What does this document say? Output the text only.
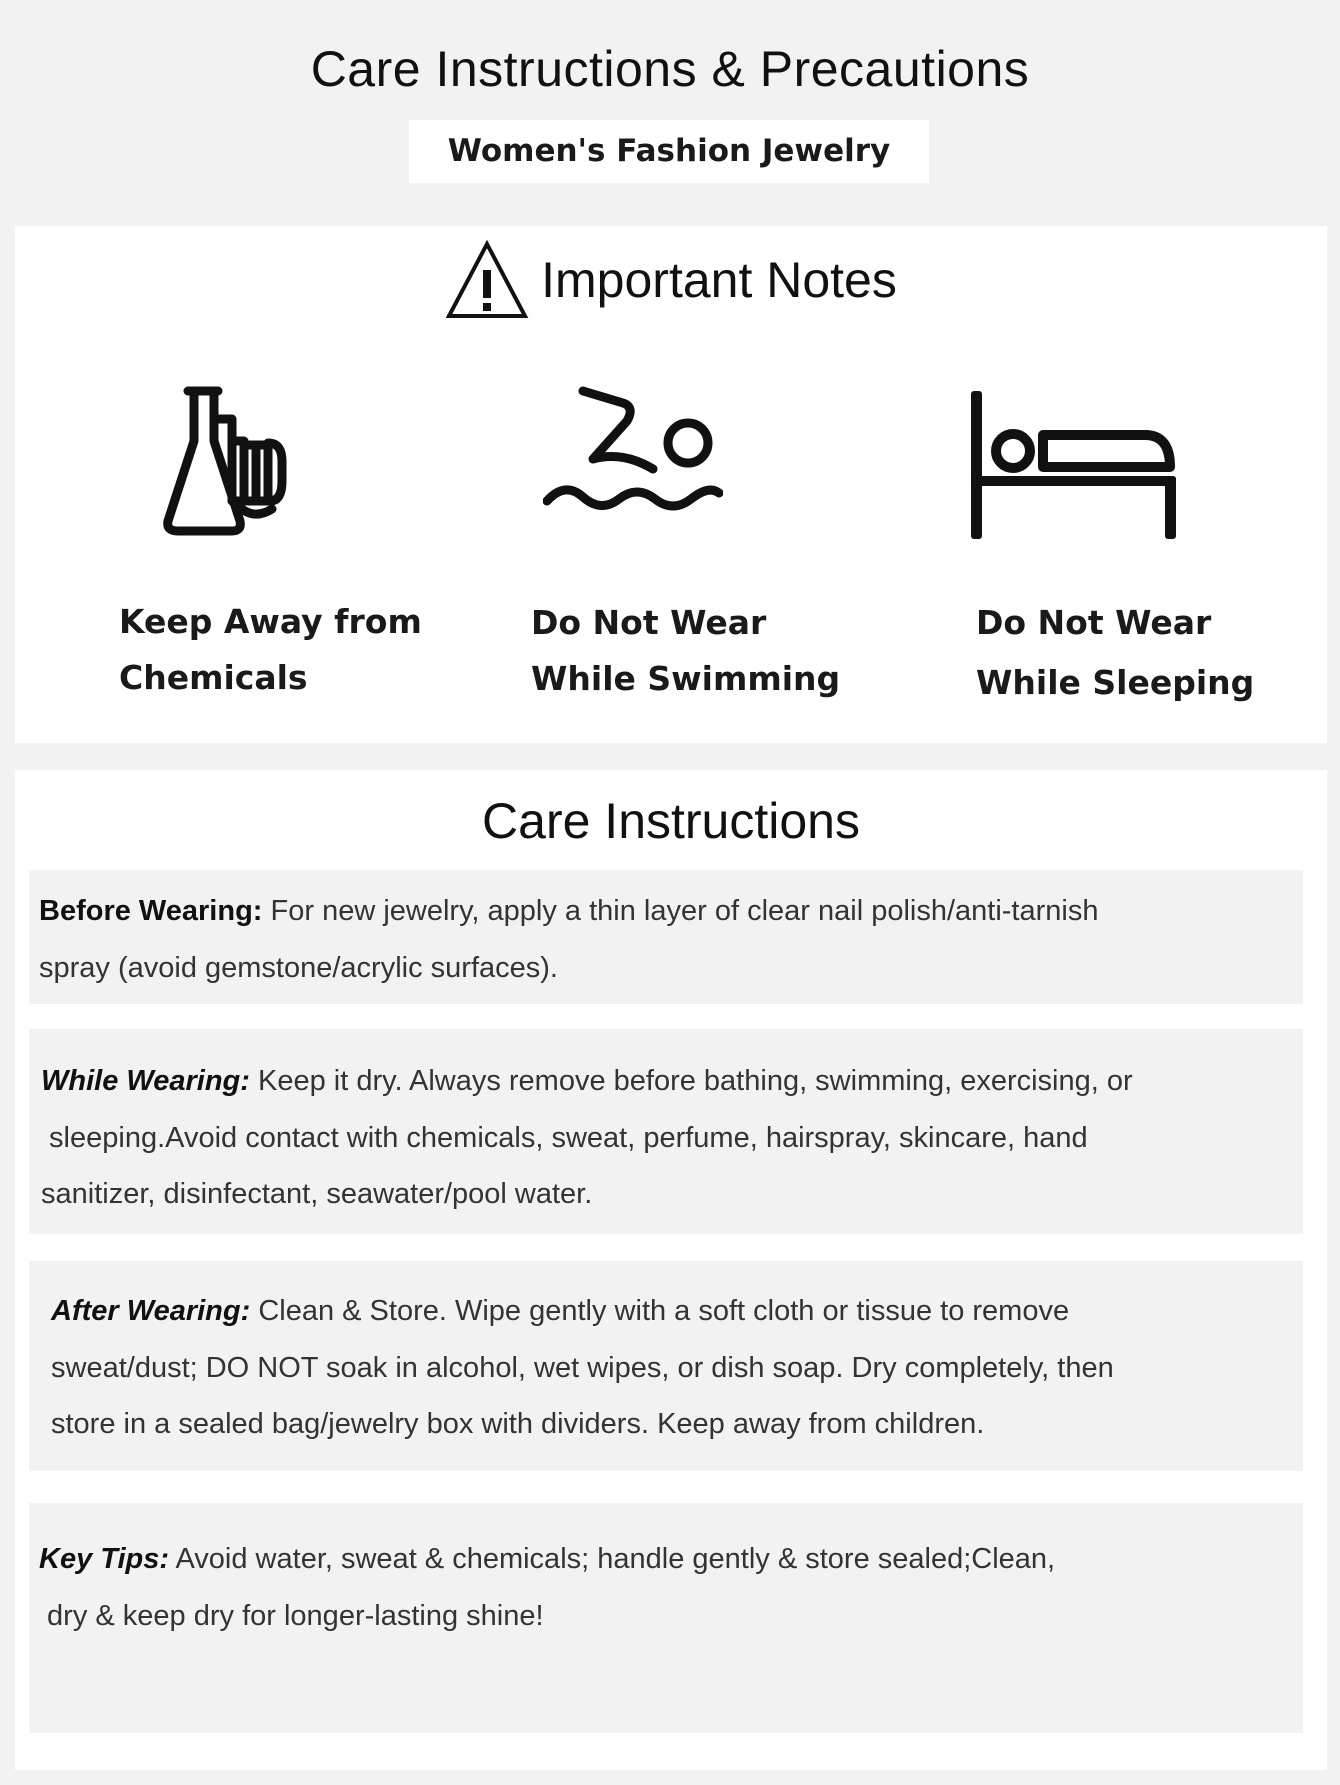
Care Instructions & Precautions
Women's Fashion Jewelry
Important Notes
Keep Away from
Chemicals
Do Not Wear
While Swimming
Do Not Wear
While Sleeping
Care Instructions
Before Wearing: For new jewelry, apply a thin layer of clear nail polish/anti-tarnish
spray (avoid gemstone/acrylic surfaces).
While Wearing: Keep it dry. Always remove before bathing, swimming, exercising, or
sleeping.Avoid contact with chemicals, sweat, perfume, hairspray, skincare, hand
sanitizer, disinfectant, seawater/pool water.
After Wearing: Clean & Store. Wipe gently with a soft cloth or tissue to remove
sweat/dust; DO NOT soak in alcohol, wet wipes, or dish soap. Dry completely, then
store in a sealed bag/jewelry box with dividers. Keep away from children.
Key Tips: Avoid water, sweat & chemicals; handle gently & store sealed;Clean,
dry & keep dry for longer-lasting shine!
